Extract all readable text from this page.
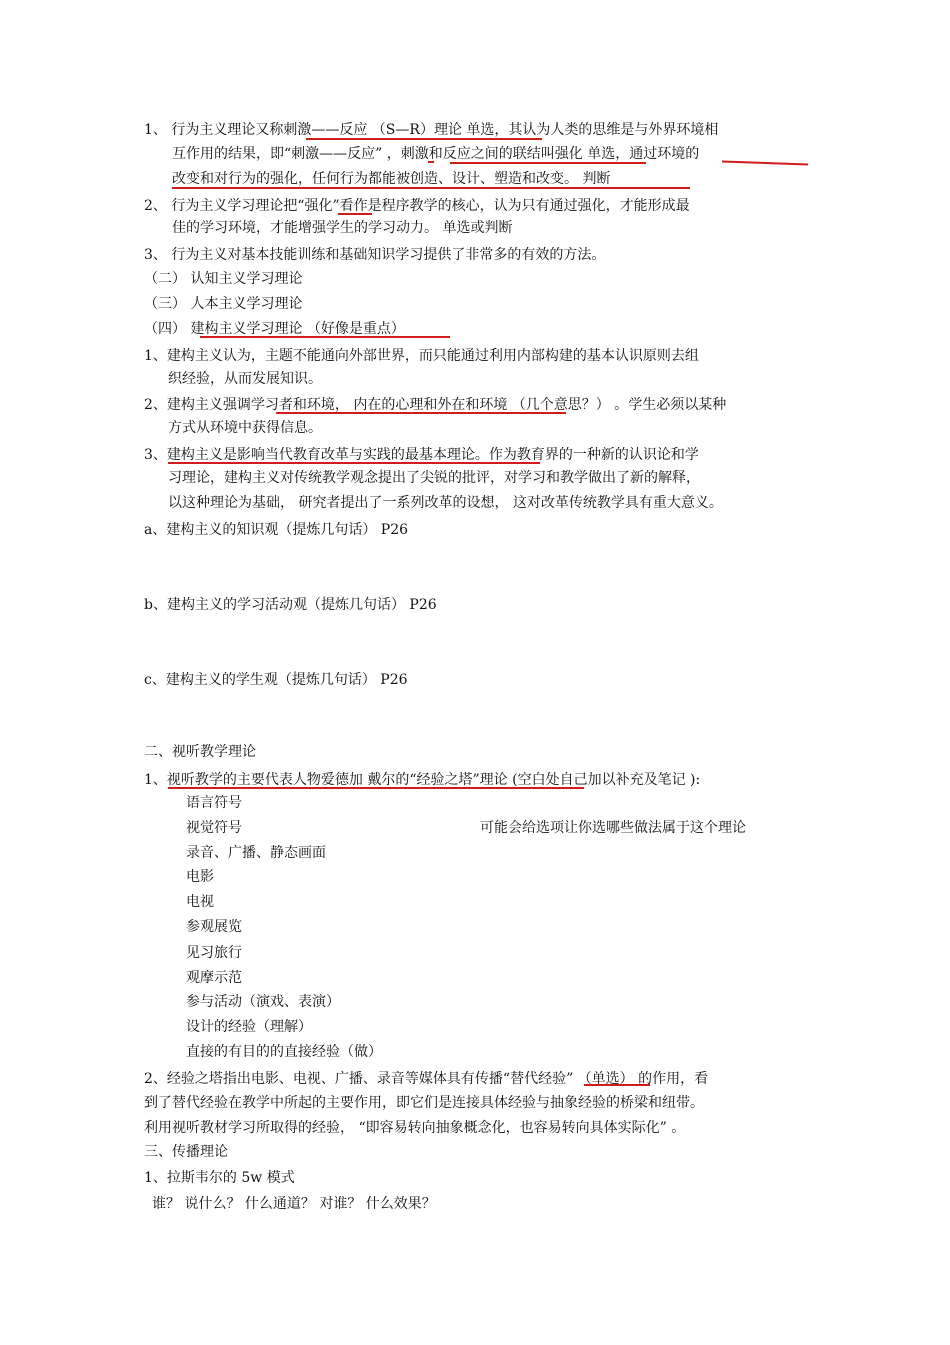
1、 行为主义理论又称刺激——反应 （S—R）理论 单选，其认为人类的思维是与外界环境相
互作用的结果，即“刺激——反应” ，刺激和反应之间的联结叫强化 单选，通过环境的
改变和对行为的强化，任何行为都能被创造、设计、塑造和改变。 判断
2、 行为主义学习理论把“强化”看作是程序教学的核心，认为只有通过强化，才能形成最
佳的学习环境，才能增强学生的学习动力。 单选或判断
3、 行为主义对基本技能训练和基础知识学习提供了非常多的有效的方法。
（二） 认知主义学习理论
（三） 人本主义学习理论
（四） 建构主义学习理论 （好像是重点）
1、建构主义认为，主题不能通向外部世界，而只能通过利用内部构建的基本认识原则去组
织经验，从而发展知识。
2、建构主义强调学习者和环境， 内在的心理和外在和环境 （几个意思？） 。学生必须以某种
方式从环境中获得信息。
3、建构主义是影响当代教育改革与实践的最基本理论。作为教育界的一种新的认识论和学
习理论，建构主义对传统教学观念提出了尖锐的批评，对学习和教学做出了新的解释，
以这种理论为基础， 研究者提出了一系列改革的设想， 这对改革传统教学具有重大意义。
a、建构主义的知识观（提炼几句话） P26
b、建构主义的学习活动观（提炼几句话） P26
c、建构主义的学生观（提炼几句话） P26
二、视听教学理论
1、视听教学的主要代表人物爱德加 戴尔的“经验之塔”理论 (空白处自己加以补充及笔记 ):
语言符号
视觉符号	可能会给选项让你选哪些做法属于这个理论
录音、广播、静态画面
电影
电视
参观展览
见习旅行
观摩示范
参与活动（演戏、表演）
设计的经验（理解）
直接的有目的的直接经验（做）
2、经验之塔指出电影、电视、广播、录音等媒体具有传播“替代经验” （单选） 的作用，看
到了替代经验在教学中所起的主要作用，即它们是连接具体经验与抽象经验的桥梁和纽带。
利用视听教材学习所取得的经验， “即容易转向抽象概念化，也容易转向具体实际化” 。
三、传播理论
1、拉斯韦尔的 5w 模式
谁？ 说什么？ 什么通道？ 对谁？ 什么效果？
